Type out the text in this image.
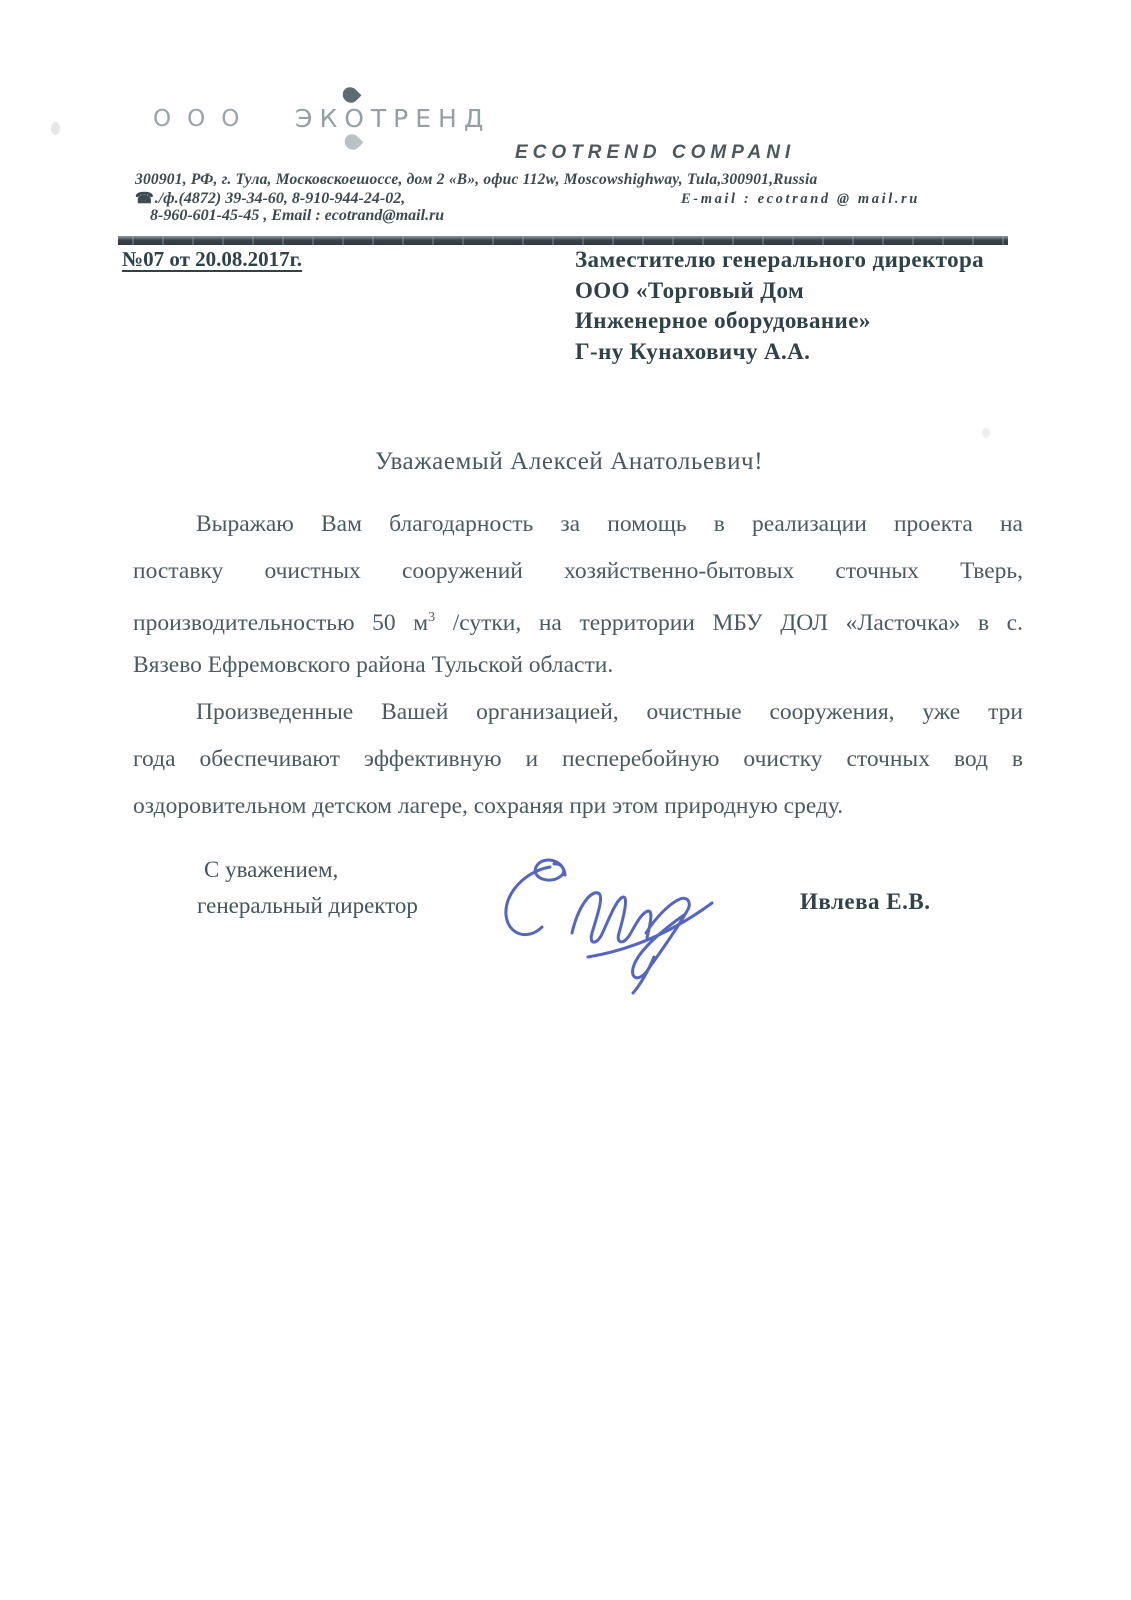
ООО ЭКОТРЕНД
ECOTREND COMPANI
300901, РФ, г. Тула, Московскоешоссе, дом 2 «В», офис 112w, Moscowshighway, Tula,300901,Russia
☎./ф.(4872) 39-34-60, 8-910-944-24-02,	E-mail : ecotrand @ mail.ru
8-960-601-45-45 , Email : ecotrand@mail.ru
№07 от 20.08.2017г.	Заместителю генерального директора
ООО «Торговый Дом
Инженерное оборудование»
Г-ну Кунаховичу А.А.
Уважаемый Алексей Анатольевич!
Выражаю Вам благодарность за помощь в реализации проекта на
поставку очистных сооружений хозяйственно-бытовых сточных Тверь,
производительностью 50 $м^3$ /сутки, на территории МБУ ДОЛ «Ласточка» в с.
Вязево Ефремовского района Тульской области.
Произведенные Вашей организацией, очистные сооружения, уже три
года обеспечивают эффективную и песперебойную очистку сточных вод в
оздоровительном детском лагере, сохраняя при этом природную среду.
С уважением,
генеральный директор	Ивлева Е.В.
